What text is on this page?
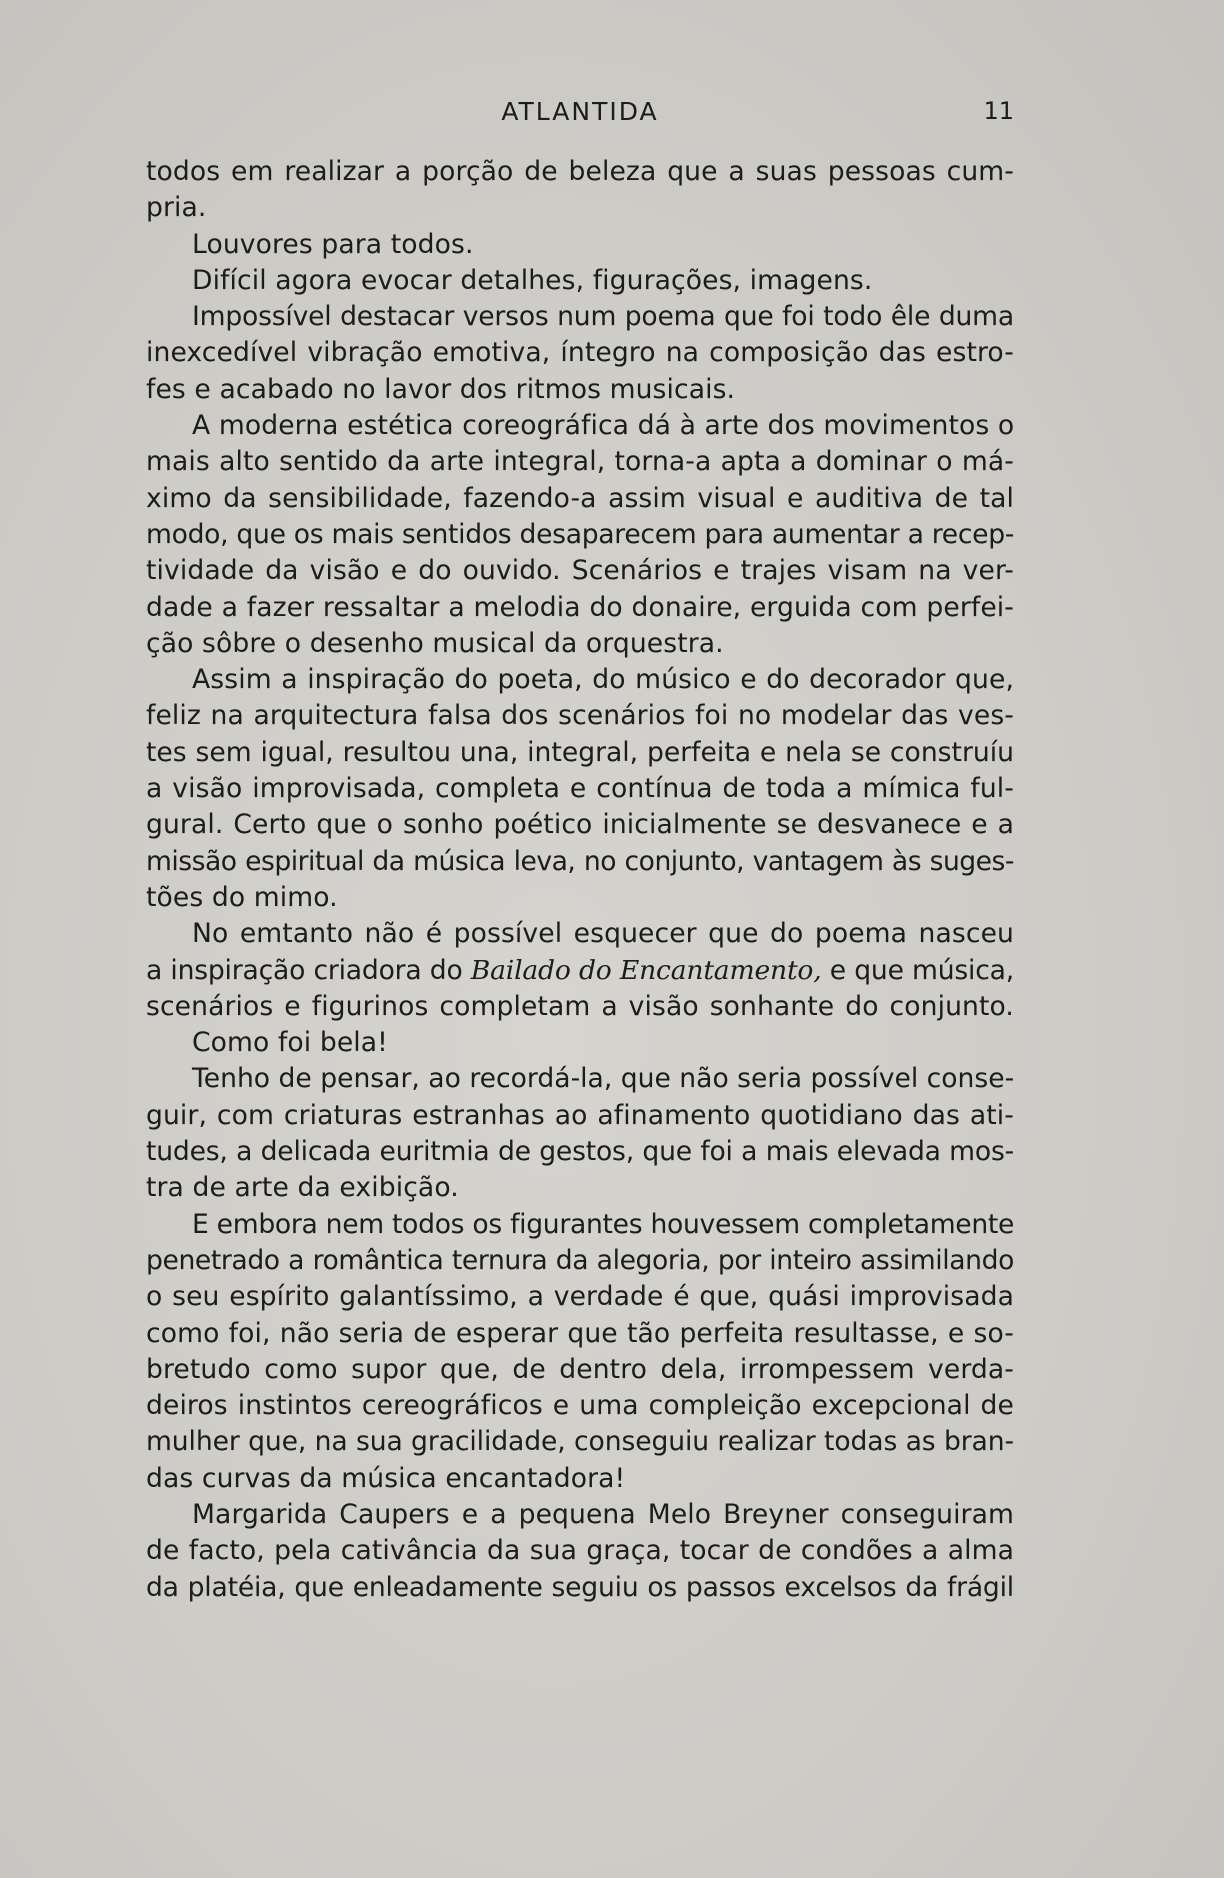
ATLANTIDA	11
todos em realizar a porção de beleza que a suas pessoas cum-
pria.
Louvores para todos.
Difícil agora evocar detalhes, figurações, imagens.
Impossível destacar versos num poema que foi todo êle duma
inexcedível vibração emotiva, íntegro na composição das estro-
fes e acabado no lavor dos ritmos musicais.
A moderna estética coreográfica dá à arte dos movimentos o
mais alto sentido da arte integral, torna-a apta a dominar o má-
ximo da sensibilidade, fazendo-a assim visual e auditiva de tal
modo, que os mais sentidos desaparecem para aumentar a recep-
tividade da visão e do ouvido. Scenários e trajes visam na ver-
dade a fazer ressaltar a melodia do donaire, erguida com perfei-
ção sôbre o desenho musical da orquestra.
Assim a inspiração do poeta, do músico e do decorador que,
feliz na arquitectura falsa dos scenários foi no modelar das ves-
tes sem igual, resultou una, integral, perfeita e nela se construíu
a visão improvisada, completa e contínua de toda a mímica ful-
gural. Certo que o sonho poético inicialmente se desvanece e a
missão espiritual da música leva, no conjunto, vantagem às suges-
tões do mimo.
No emtanto não é possível esquecer que do poema nasceu
a inspiração criadora do Bailado do Encantamento, e que música,
scenários e figurinos completam a visão sonhante do conjunto.
Como foi bela!
Tenho de pensar, ao recordá-la, que não seria possível conse-
guir, com criaturas estranhas ao afinamento quotidiano das ati-
tudes, a delicada euritmia de gestos, que foi a mais elevada mos-
tra de arte da exibição.
E embora nem todos os figurantes houvessem completamente
penetrado a romântica ternura da alegoria, por inteiro assimilando
o seu espírito galantíssimo, a verdade é que, quási improvisada
como foi, não seria de esperar que tão perfeita resultasse, e so-
bretudo como supor que, de dentro dela, irrompessem verda-
deiros instintos cereográficos e uma compleição excepcional de
mulher que, na sua gracilidade, conseguiu realizar todas as bran-
das curvas da música encantadora!
Margarida Caupers e a pequena Melo Breyner conseguiram
de facto, pela cativância da sua graça, tocar de condões a alma
da platéia, que enleadamente seguiu os passos excelsos da frágil
